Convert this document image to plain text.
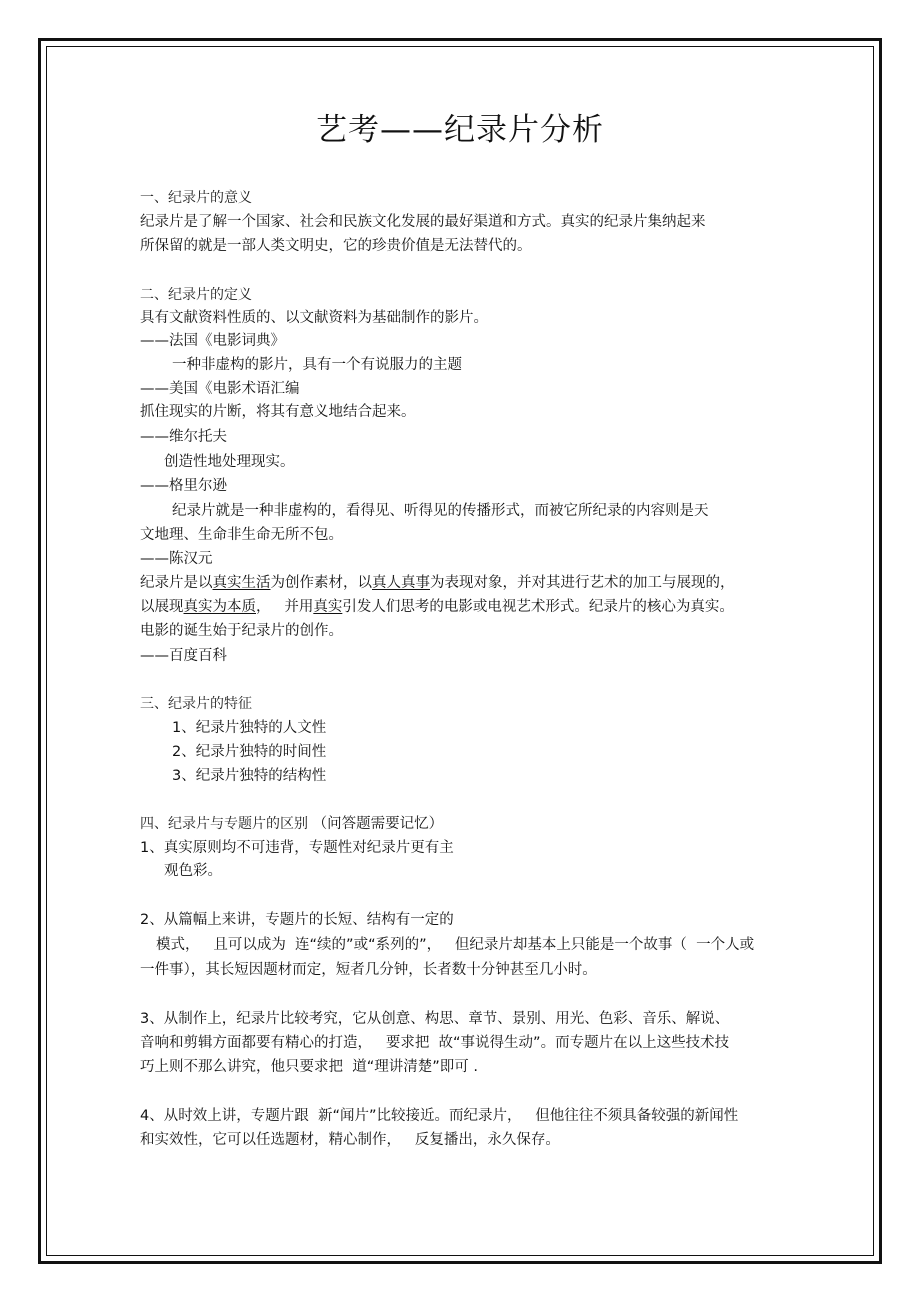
艺考——纪录片分析
一、纪录片的意义
纪录片是了解一个国家、社会和民族文化发展的最好渠道和方式。真实的纪录片集纳起来
所保留的就是一部人类文明史，它的珍贵价值是无法替代的。
二、纪录片的定义
具有文献资料性质的、以文献资料为基础制作的影片。
——法国《电影词典》
一种非虚构的影片，具有一个有说服力的主题
——美国《电影术语汇编
抓住现实的片断，将其有意义地结合起来。
——维尔托夫
创造性地处理现实。
——格里尔逊
纪录片就是一种非虚构的，看得见、听得见的传播形式，而被它所纪录的内容则是天
文地理、生命非生命无所不包。
——陈汉元
纪录片是以真实生活为创作素材，以真人真事为表现对象，并对其进行艺术的加工与展现的，
以展现真实为本质，   并用真实引发人们思考的电影或电视艺术形式。纪录片的核心为真实。
电影的诞生始于纪录片的创作。
——百度百科
三、纪录片的特征
1、纪录片独特的人文性
2、纪录片独特的时间性
3、纪录片独特的结构性
四、纪录片与专题片的区别 （问答题需要记忆）
1、真实原则均不可违背，专题性对纪录片更有主
观色彩。
2、从篇幅上来讲，专题片的长短、结构有一定的
模式，   且可以成为  连“续的”或“系列的”，   但纪录片却基本上只能是一个故事（  一个人或
一件事），其长短因题材而定，短者几分钟，长者数十分钟甚至几小时。
3、从制作上，纪录片比较考究，它从创意、构思、章节、景别、用光、色彩、音乐、解说、
音响和剪辑方面都要有精心的打造，   要求把  故“事说得生动”。而专题片在以上这些技术技
巧上则不那么讲究，他只要求把  道“理讲清楚”即可 .
4、从时效上讲，专题片跟  新“闻片”比较接近。而纪录片，   但他往往不须具备较强的新闻性
和实效性，它可以任选题材，精心制作，   反复播出，永久保存。
